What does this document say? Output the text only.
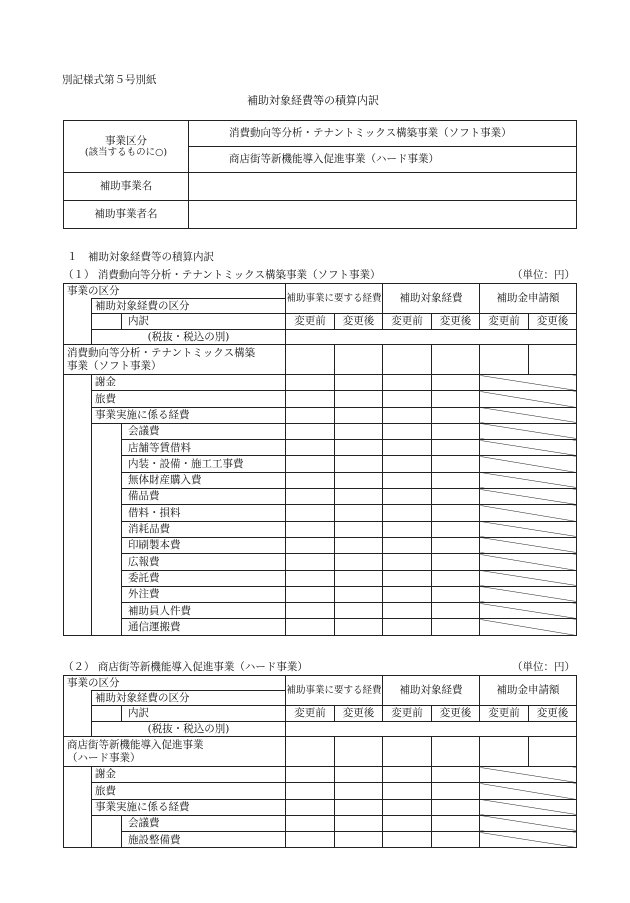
別記様式第５号別紙
補助対象経費等の積算内訳
事業区分
(該当するものに○)	消費動向等分析・テナントミックス構築事業（ソフト事業）
	商店街等新機能導入促進事業（ハード事業）
補助事業名	
補助事業者名	
１　補助対象経費等の積算内訳
（１） 消費動向等分析・テナントミックス構築事業（ソフト事業）	（単位：円）
事業の区分			補助事業に要する経費		補助対象経費		補助金申請額	
	補助対象経費の区分							
		内訳	変更前	変更後	変更前	変更後	変更前	変更後
	(税抜・税込の別)							

消費動向等分析・テナントミックス構築
事業（ソフト事業）								

	謝金							
	旅費							
	事業実施に係る経費							
		会議費						
		店舗等賃借料						
		内装・設備・施工工事費						
		無体財産購入費						
		備品費						
		借料・損料						
		消耗品費						
		印刷製本費						
		広報費						
		委託費						
		外注費						
		補助員人件費						
		通信運搬費						
（２） 商店街等新機能導入促進事業（ハード事業）	（単位：円）
事業の区分			補助事業に要する経費		補助対象経費		補助金申請額	
	補助対象経費の区分							
		内訳	変更前	変更後	変更前	変更後	変更前	変更後
	(税抜・税込の別)							

商店街等新機能導入促進事業
（ハード事業）								

	謝金							
	旅費							
	事業実施に係る経費							
		会議費						
		施設整備費						
